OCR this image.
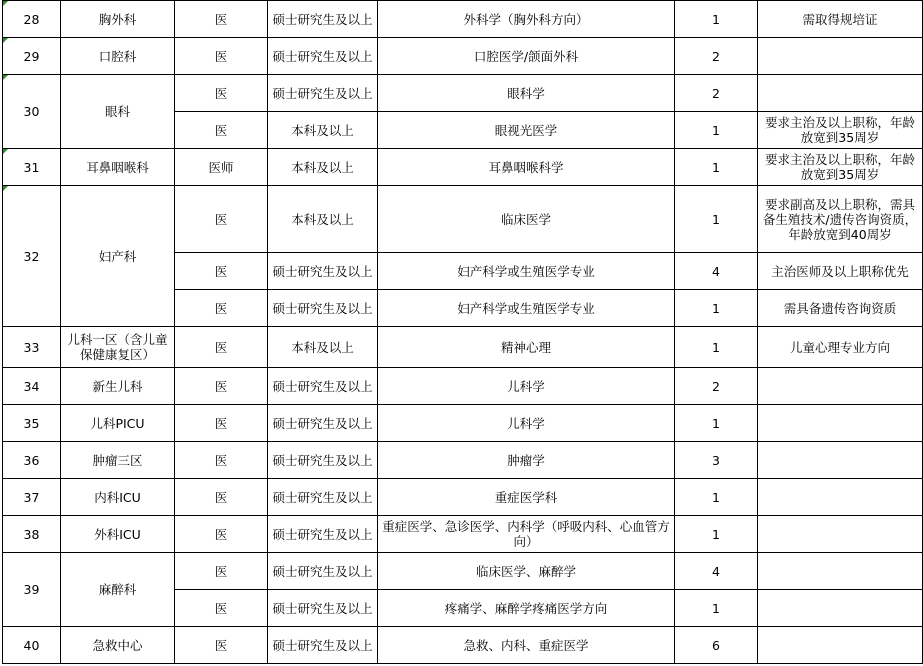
28	胸外科	医	硕士研究生及以上	外科学（胸外科方向）	1	需取得规培证
29	口腔科	医	硕士研究生及以上	口腔医学/颌面外科	2	
30	眼科	医	硕士研究生及以上	眼科学	2	
		医	本科及以上	眼视光医学	1	要求主治及以上职称，年龄放宽到35周岁
31	耳鼻咽喉科	医师	本科及以上	耳鼻咽喉科学	1	要求主治及以上职称，年龄放宽到35周岁
32	妇产科	医	本科及以上	临床医学	1	要求副高及以上职称，需具备生殖技术/遗传咨询资质，年龄放宽到40周岁
		医	硕士研究生及以上	妇产科学或生殖医学专业	4	主治医师及以上职称优先
		医	硕士研究生及以上	妇产科学或生殖医学专业	1	需具备遗传咨询资质
33	儿科一区（含儿童保健康复区）	医	本科及以上	精神心理	1	儿童心理专业方向
34	新生儿科	医	硕士研究生及以上	儿科学	2	
35	儿科PICU	医	硕士研究生及以上	儿科学	1	
36	肿瘤三区	医	硕士研究生及以上	肿瘤学	3	
37	内科ICU	医	硕士研究生及以上	重症医学科	1	
38	外科ICU	医	硕士研究生及以上	重症医学、急诊医学、内科学（呼吸内科、心血管方向）	1	
39	麻醉科	医	硕士研究生及以上	临床医学、麻醉学	4	
		医	硕士研究生及以上	疼痛学、麻醉学疼痛医学方向	1	
40	急救中心	医	硕士研究生及以上	急救、内科、重症医学	6	
